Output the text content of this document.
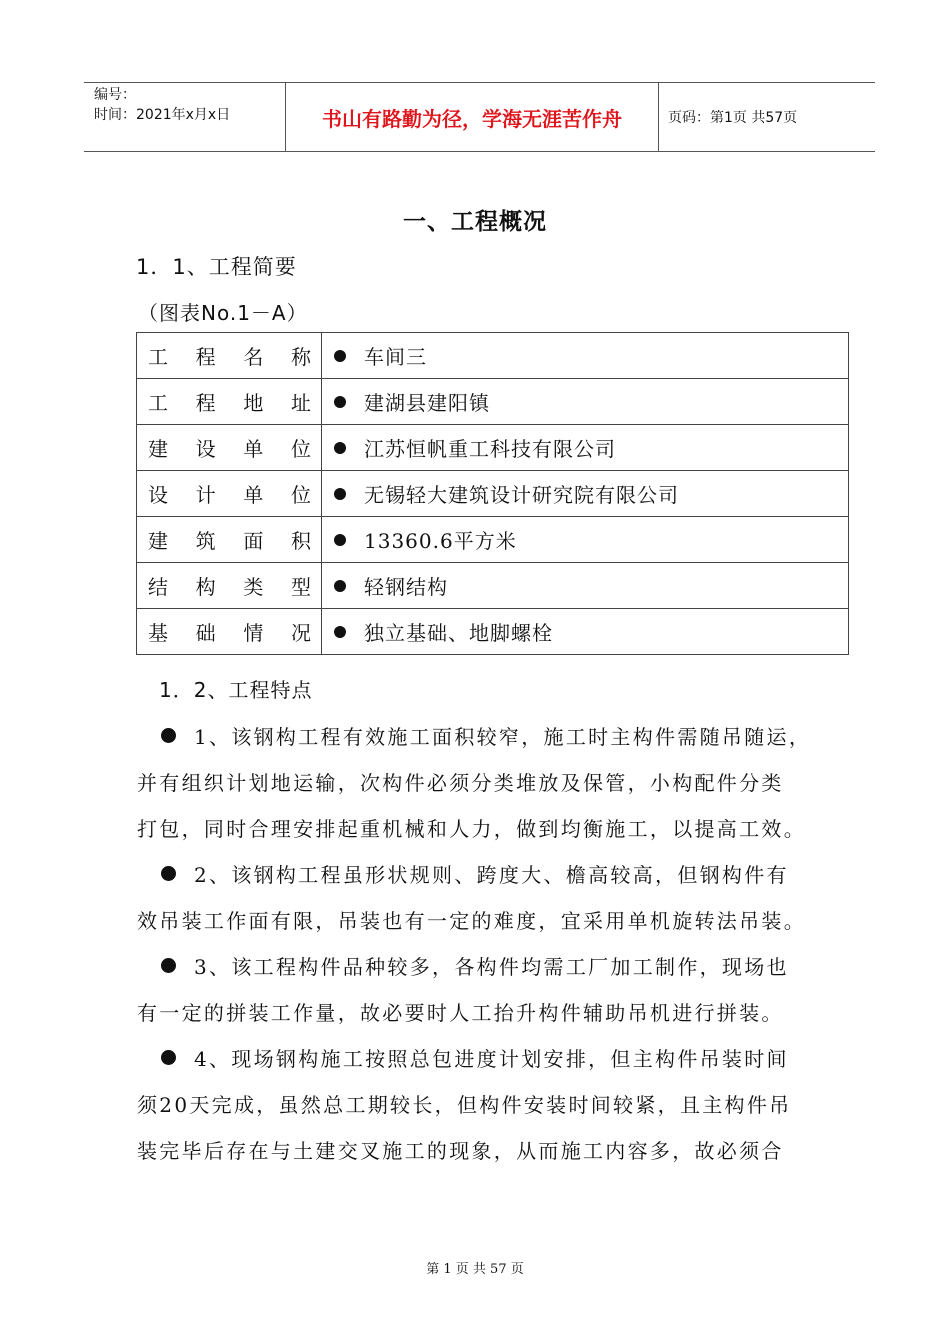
编号：
时间：2021年x月x日	书山有路勤为径，学海无涯苦作舟	页码：第1页 共57页
一、工程概况
1．1、工程简要
（图表No.1－A）
工 程 名 称	车间三

工 程 地 址	建湖县建阳镇

建 设 单 位	江苏恒帆重工科技有限公司

设 计 单 位	无锡轻大建筑设计研究院有限公司

建 筑 面 积	13360.6平方米

结 构 类 型	轻钢结构

基 础 情 况	独立基础、地脚螺栓
1．2、工程特点
1、该钢构工程有效施工面积较窄，施工时主构件需随吊随运，
并有组织计划地运输，次构件必须分类堆放及保管，小构配件分类
打包，同时合理安排起重机械和人力，做到均衡施工，以提高工效。
2、该钢构工程虽形状规则、跨度大、檐高较高，但钢构件有
效吊装工作面有限，吊装也有一定的难度，宜采用单机旋转法吊装。
3、该工程构件品种较多，各构件均需工厂加工制作，现场也
有一定的拼装工作量，故必要时人工抬升构件辅助吊机进行拼装。
4、现场钢构施工按照总包进度计划安排，但主构件吊装时间
须20天完成，虽然总工期较长，但构件安装时间较紧，且主构件吊
装完毕后存在与土建交叉施工的现象，从而施工内容多，故必须合
第 1 页 共 57 页
